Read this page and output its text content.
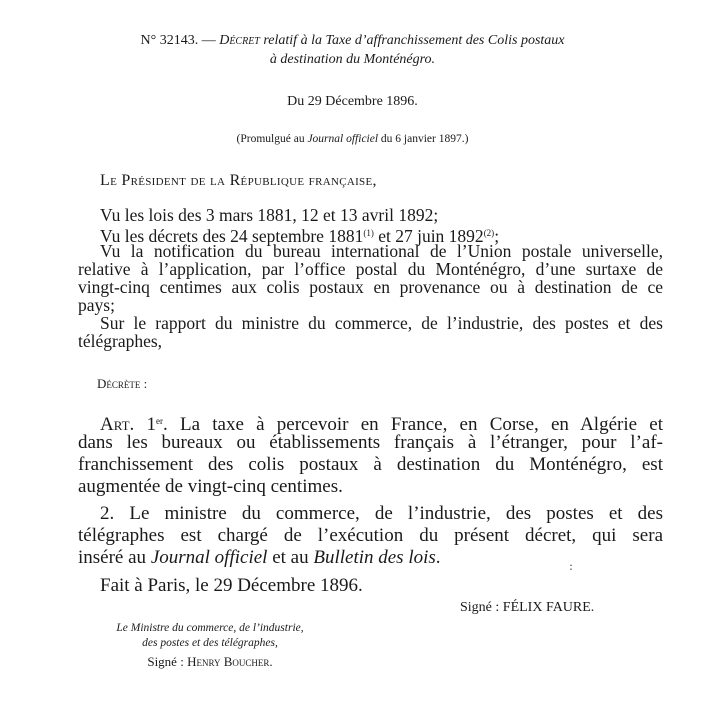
N° 32143. — Décret relatif à la Taxe d’affranchissement des Colis postaux
à destination du Monténégro.
Du 29 Décembre 1896.
(Promulgué au Journal officiel du 6 janvier 1897.)
Le Président de la République française,
Vu les lois des 3 mars 1881, 12 et 13 avril 1892;
Vu les décrets des 24 septembre 1881$^{(1)}$ et 27 juin 1892$^{(2)}$;
Vu la notification du bureau international de l’Union postale universelle,
relative à l’application, par l’office postal du Monténégro, d’une surtaxe de
vingt-cinq centimes aux colis postaux en provenance ou à destination de ce
pays;
Sur le rapport du ministre du commerce, de l’industrie, des postes et des
télégraphes,
Décrète :
Art. 1er. La taxe à percevoir en France, en Corse, en Algérie et
dans les bureaux ou établissements français à l’étranger, pour l’af-
franchissement des colis postaux à destination du Monténégro, est
augmentée de vingt-cinq centimes.
2. Le ministre du commerce, de l’industrie, des postes et des
télégraphes est chargé de l’exécution du présent décret, qui sera
inséré au Journal officiel et au Bulletin des lois.	:
Fait à Paris, le 29 Décembre 1896.
Signé : FÉLIX FAURE.
Le Ministre du commerce, de l’industrie,
des postes et des télégraphes,
Signé : Henry Boucher.
